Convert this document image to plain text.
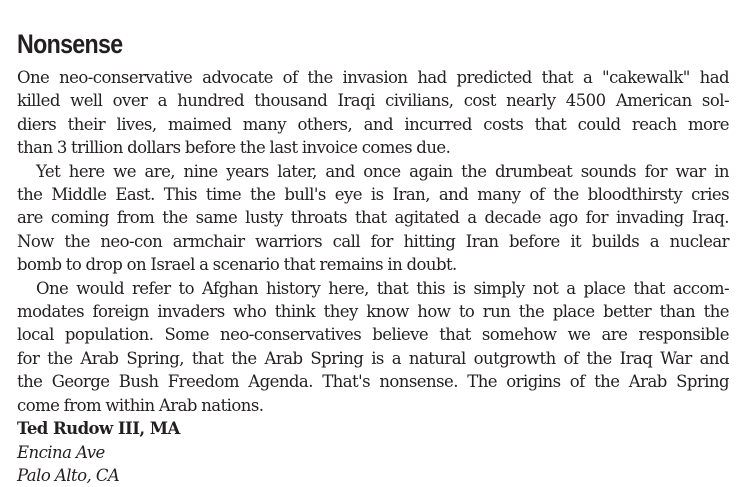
Nonsense
One neo-conservative advocate of the invasion had predicted that a "cakewalk" had
killed well over a hundred thousand Iraqi civilians, cost nearly 4500 American sol-
diers their lives, maimed many others, and incurred costs that could reach more
than 3 trillion dollars before the last invoice comes due.
Yet here we are, nine years later, and once again the drumbeat sounds for war in
the Middle East. This time the bull's eye is Iran, and many of the bloodthirsty cries
are coming from the same lusty throats that agitated a decade ago for invading Iraq.
Now the neo-con armchair warriors call for hitting Iran before it builds a nuclear
bomb to drop on Israel a scenario that remains in doubt.
One would refer to Afghan history here, that this is simply not a place that accom-
modates foreign invaders who think they know how to run the place better than the
local population. Some neo-conservatives believe that somehow we are responsible
for the Arab Spring, that the Arab Spring is a natural outgrowth of the Iraq War and
the George Bush Freedom Agenda. That's nonsense. The origins of the Arab Spring
come from within Arab nations.
Ted Rudow III, MA
Encina Ave
Palo Alto, CA
